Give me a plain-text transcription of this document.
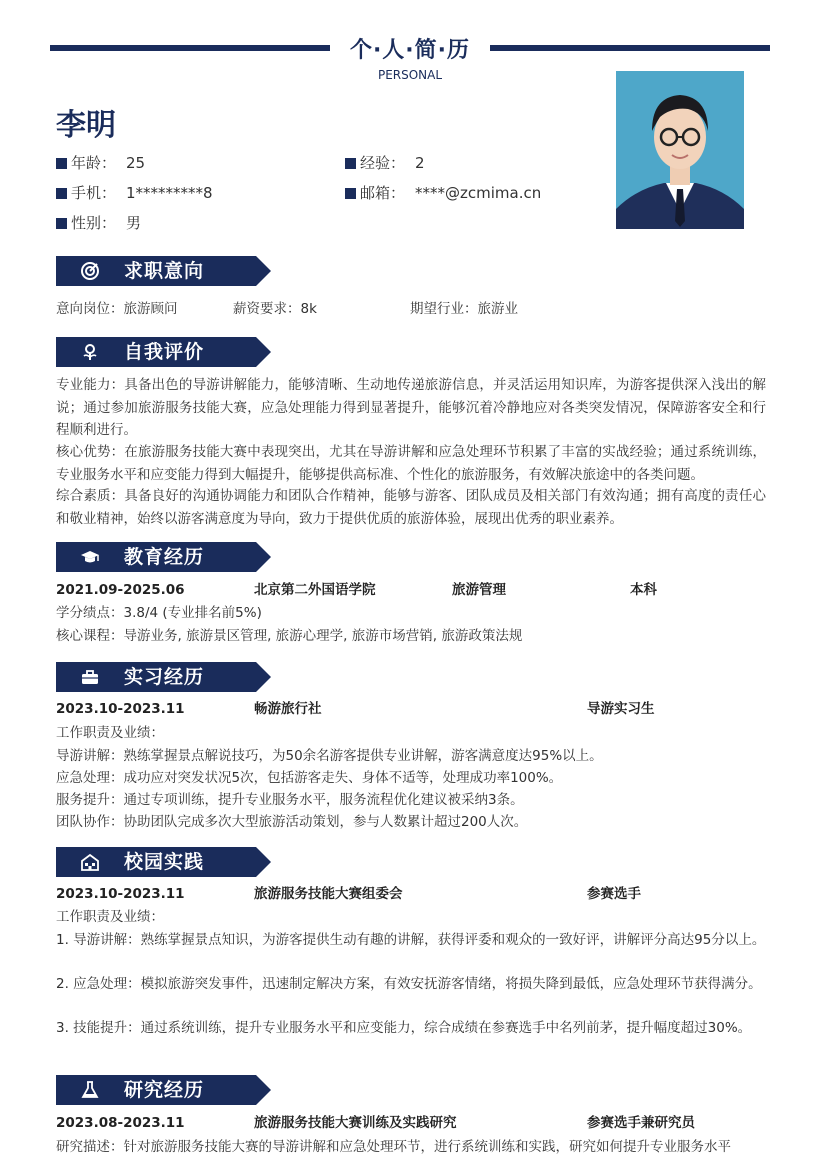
个·人·简·历
PERSONAL
李明
年龄： 25	经验： 2
手机： 1*********8	邮箱： ****@zcmima.cn
性别： 男
求职意向
意向岗位：旅游顾问	薪资要求：8k	期望行业：旅游业
自我评价
专业能力：具备出色的导游讲解能力，能够清晰、生动地传递旅游信息，并灵活运用知识库，为游客提供深入浅出的解说；通过参加旅游服务技能大赛，应急处理能力得到显著提升，能够沉着冷静地应对各类突发情况，保障游客安全和行程顺利进行。
核心优势：在旅游服务技能大赛中表现突出，尤其在导游讲解和应急处理环节积累了丰富的实战经验；通过系统训练，专业服务水平和应变能力得到大幅提升，能够提供高标准、个性化的旅游服务，有效解决旅途中的各类问题。
综合素质：具备良好的沟通协调能力和团队合作精神，能够与游客、团队成员及相关部门有效沟通；拥有高度的责任心和敬业精神，始终以游客满意度为导向，致力于提供优质的旅游体验，展现出优秀的职业素养。
教育经历
2021.09-2025.06	北京第二外国语学院	旅游管理	本科
学分绩点：3.8/4 (专业排名前5%)
核心课程：导游业务, 旅游景区管理, 旅游心理学, 旅游市场营销, 旅游政策法规
实习经历
2023.10-2023.11	畅游旅行社	导游实习生
工作职责及业绩：
导游讲解：熟练掌握景点解说技巧，为50余名游客提供专业讲解，游客满意度达95%以上。
应急处理：成功应对突发状况5次，包括游客走失、身体不适等，处理成功率100%。
服务提升：通过专项训练，提升专业服务水平，服务流程优化建议被采纳3条。
团队协作：协助团队完成多次大型旅游活动策划，参与人数累计超过200人次。
校园实践
2023.10-2023.11	旅游服务技能大赛组委会	参赛选手
工作职责及业绩：
1. 导游讲解：熟练掌握景点知识，为游客提供生动有趣的讲解，获得评委和观众的一致好评，讲解评分高达95分以上。
2. 应急处理：模拟旅游突发事件，迅速制定解决方案，有效安抚游客情绪，将损失降到最低，应急处理环节获得满分。
3. 技能提升：通过系统训练，提升专业服务水平和应变能力，综合成绩在参赛选手中名列前茅，提升幅度超过30%。
研究经历
2023.08-2023.11	旅游服务技能大赛训练及实践研究	参赛选手兼研究员
研究描述：针对旅游服务技能大赛的导游讲解和应急处理环节，进行系统训练和实践，研究如何提升专业服务水平
